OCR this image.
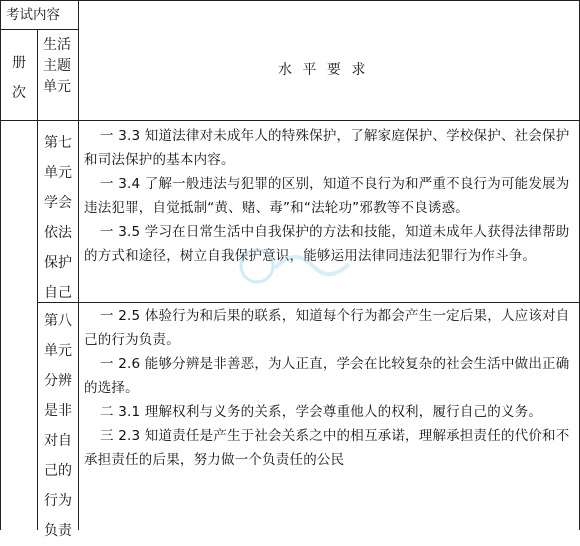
考试内容
册次
生活主题单元
水 平 要 求
第七单元学会依法保护自己
一 3.3 知道法律对未成年人的特殊保护，了解家庭保护、学校保护、社会保护和司法保护的基本内容。
一 3.4 了解一般违法与犯罪的区别，知道不良行为和严重不良行为可能发展为违法犯罪，自觉抵制“黄、赌、毒”和“法轮功”邪教等不良诱惑。
一 3.5 学习在日常生活中自我保护的方法和技能，知道未成年人获得法律帮助的方式和途径，树立自我保护意识，能够运用法律同违法犯罪行为作斗争。
第八单元分辨是非对自己的行为负责
一 2.5 体验行为和后果的联系，知道每个行为都会产生一定后果，人应该对自己的行为负责。
一 2.6 能够分辨是非善恶，为人正直，学会在比较复杂的社会生活中做出正确的选择。
二 3.1 理解权利与义务的关系，学会尊重他人的权利，履行自己的义务。
三 2.3 知道责任是产生于社会关系之中的相互承诺，理解承担责任的代价和不承担责任的后果，努力做一个负责任的公民
